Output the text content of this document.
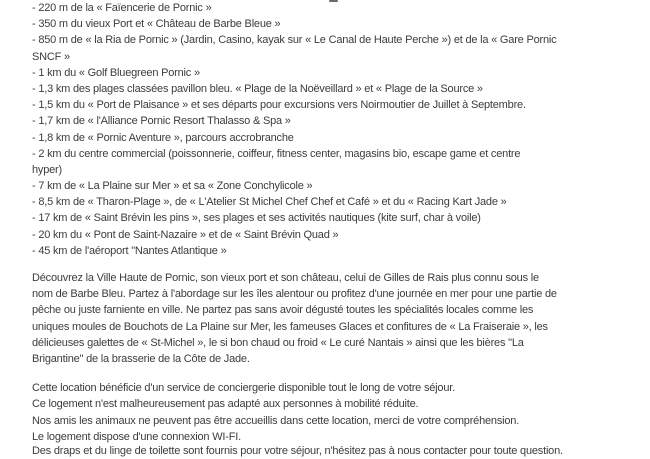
- 220 m de la « Faïencerie de Pornic »
- 350 m du vieux Port et « Château de Barbe Bleue »
- 850 m de « la Ria de Pornic » (Jardin, Casino, kayak sur « Le Canal de Haute Perche ») et de la « Gare Pornic
SNCF »
- 1 km du « Golf Bluegreen Pornic »
- 1,3 km des plages classées pavillon bleu. « Plage de la Noëveillard » et « Plage de la Source »
- 1,5 km du « Port de Plaisance » et ses départs pour excursions vers Noirmoutier de Juillet à Septembre.
- 1,7 km de « l'Alliance Pornic Resort Thalasso & Spa »
- 1,8 km de « Pornic Aventure », parcours accrobranche
- 2 km du centre commercial (poissonnerie, coiffeur, fitness center, magasins bio, escape game et centre
hyper)
- 7 km de « La Plaine sur Mer » et sa « Zone Conchylicole »
- 8,5 km de « Tharon-Plage », de « L'Atelier St Michel Chef Chef et Café » et du « Racing Kart Jade »
- 17 km de « Saint Brévin les pins », ses plages et ses activités nautiques (kite surf, char à voile)
- 20 km du « Pont de Saint-Nazaire » et de « Saint Brévin Quad »
- 45 km de l'aéroport "Nantes Atlantique »
Découvrez la Ville Haute de Pornic, son vieux port et son château, celui de Gilles de Rais plus connu sous le
nom de Barbe Bleu. Partez à l'abordage sur les îles alentour ou profitez d'une journée en mer pour une partie de
pêche ou juste farniente en ville. Ne partez pas sans avoir dégusté toutes les spécialités locales comme les
uniques moules de Bouchots de La Plaine sur Mer, les fameuses Glaces et confitures de « La Fraiseraie », les
délicieuses galettes de « St-Michel », le si bon chaud ou froid « Le curé Nantais » ainsi que les bières "La
Brigantine" de la brasserie de la Côte de Jade.
Cette location bénéficie d'un service de conciergerie disponible tout le long de votre séjour.
Ce logement n'est malheureusement pas adapté aux personnes à mobilité réduite.
Nos amis les animaux ne peuvent pas être accueillis dans cette location, merci de votre compréhension.
Le logement dispose d'une connexion WI-FI.
Des draps et du linge de toilette sont fournis pour votre séjour, n'hésitez pas à nous contacter pour toute question.
